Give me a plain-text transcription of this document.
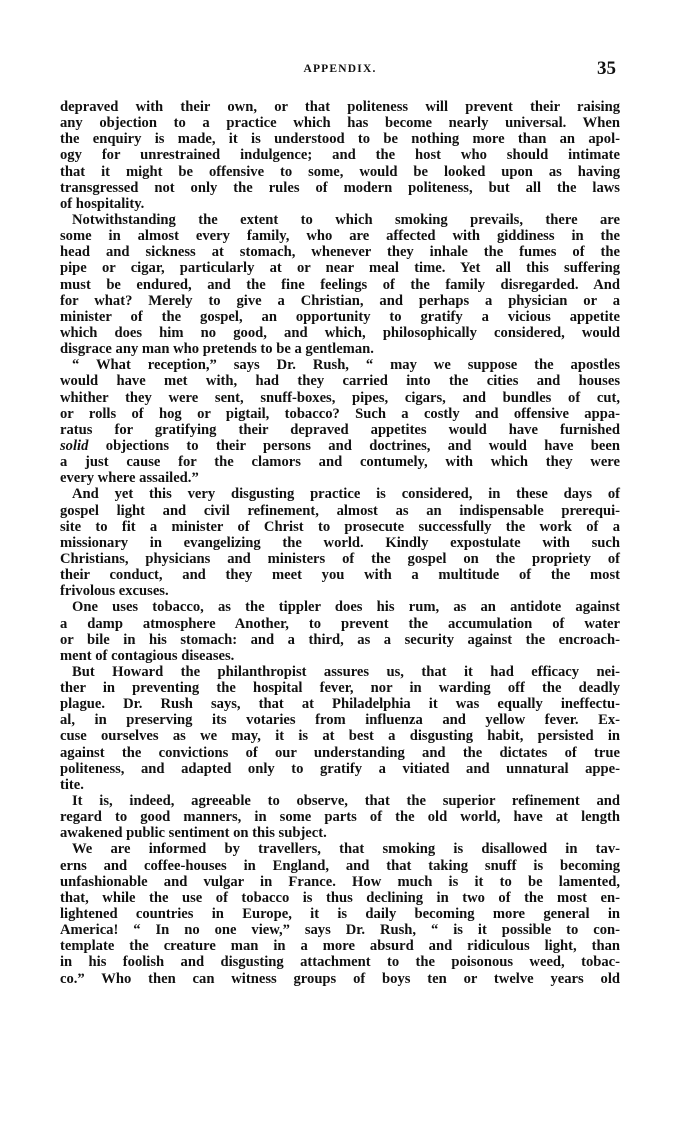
APPENDIX.	35
depraved with their own, or that politeness will prevent their raising
any objection to a practice which has become nearly universal. When
the enquiry is made, it is understood to be nothing more than an apol-
ogy for unrestrained indulgence; and the host who should intimate
that it might be offensive to some, would be looked upon as having
transgressed not only the rules of modern politeness, but all the laws
of hospitality.
Notwithstanding the extent to which smoking prevails, there are
some in almost every family, who are affected with giddiness in the
head and sickness at stomach, whenever they inhale the fumes of the
pipe or cigar, particularly at or near meal time. Yet all this suffering
must be endured, and the fine feelings of the family disregarded. And
for what? Merely to give a Christian, and perhaps a physician or a
minister of the gospel, an opportunity to gratify a vicious appetite
which does him no good, and which, philosophically considered, would
disgrace any man who pretends to be a gentleman.
“ What reception,” says Dr. Rush, “ may we suppose the apostles
would have met with, had they carried into the cities and houses
whither they were sent, snuff-boxes, pipes, cigars, and bundles of cut,
or rolls of hog or pigtail, tobacco? Such a costly and offensive appa-
ratus for gratifying their depraved appetites would have furnished
solid objections to their persons and doctrines, and would have been
a just cause for the clamors and contumely, with which they were
every where assailed.”
And yet this very disgusting practice is considered, in these days of
gospel light and civil refinement, almost as an indispensable prerequi-
site to fit a minister of Christ to prosecute successfully the work of a
missionary in evangelizing the world. Kindly expostulate with such
Christians, physicians and ministers of the gospel on the propriety of
their conduct, and they meet you with a multitude of the most
frivolous excuses.
One uses tobacco, as the tippler does his rum, as an antidote against
a damp atmosphere Another, to prevent the accumulation of water
or bile in his stomach: and a third, as a security against the encroach-
ment of contagious diseases.
But Howard the philanthropist assures us, that it had efficacy nei-
ther in preventing the hospital fever, nor in warding off the deadly
plague. Dr. Rush says, that at Philadelphia it was equally ineffectu-
al, in preserving its votaries from influenza and yellow fever. Ex-
cuse ourselves as we may, it is at best a disgusting habit, persisted in
against the convictions of our understanding and the dictates of true
politeness, and adapted only to gratify a vitiated and unnatural appe-
tite.
It is, indeed, agreeable to observe, that the superior refinement and
regard to good manners, in some parts of the old world, have at length
awakened public sentiment on this subject.
We are informed by travellers, that smoking is disallowed in tav-
erns and coffee-houses in England, and that taking snuff is becoming
unfashionable and vulgar in France. How much is it to be lamented,
that, while the use of tobacco is thus declining in two of the most en-
lightened countries in Europe, it is daily becoming more general in
America! “ In no one view,” says Dr. Rush, “ is it possible to con-
template the creature man in a more absurd and ridiculous light, than
in his foolish and disgusting attachment to the poisonous weed, tobac-
co.” Who then can witness groups of boys ten or twelve years old
